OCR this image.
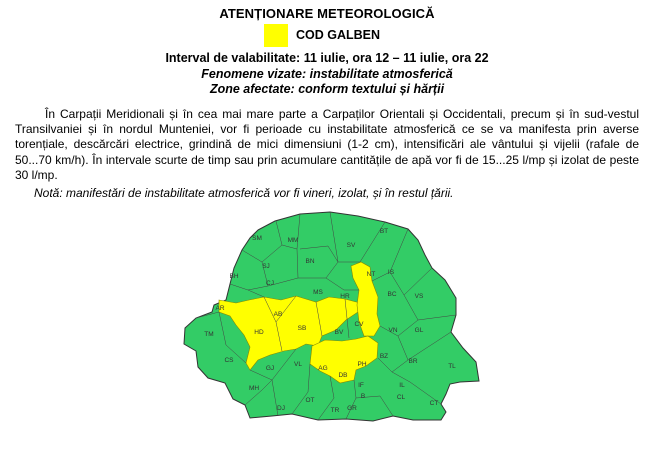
ATENȚIONARE METEOROLOGICĂ
COD GALBEN
Interval de valabilitate: 11 iulie, ora 12 – 11 iulie, ora 22
Fenomene vizate: instabilitate atmosferică
Zone afectate: conform textului și hărții
În Carpații Meridionali și în cea mai mare parte a Carpaților Orientali și Occidentali, precum și în sud-vestul Transilvaniei și în nordul Munteniei, vor fi perioade cu instabilitate atmosferică ce se va manifesta prin averse torențiale, descărcări electrice, grindină de mici dimensiuni (1-2 cm), intensificări ale vântului și vijelii (rafale de 50...70 km/h). În intervale scurte de timp sau prin acumulare cantitățile de apă vor fi de 15...25 l/mp și izolat de peste 30 l/mp.
Notă: manifestări de instabilitate atmosferică vor fi vineri, izolat, și în restul țării.
SM	MM
SV
BT
BH
SJ
BN
NT IS
CJ
MS
HR	BC	VS
AR
AB
VN	GL
TM	HD
SB
BV
CV
BZ
TL
CS
GJ
VL
AG
DB
PH	BR
MH	IF	IL
DJ
OT
TR GR
CL
CT
B
